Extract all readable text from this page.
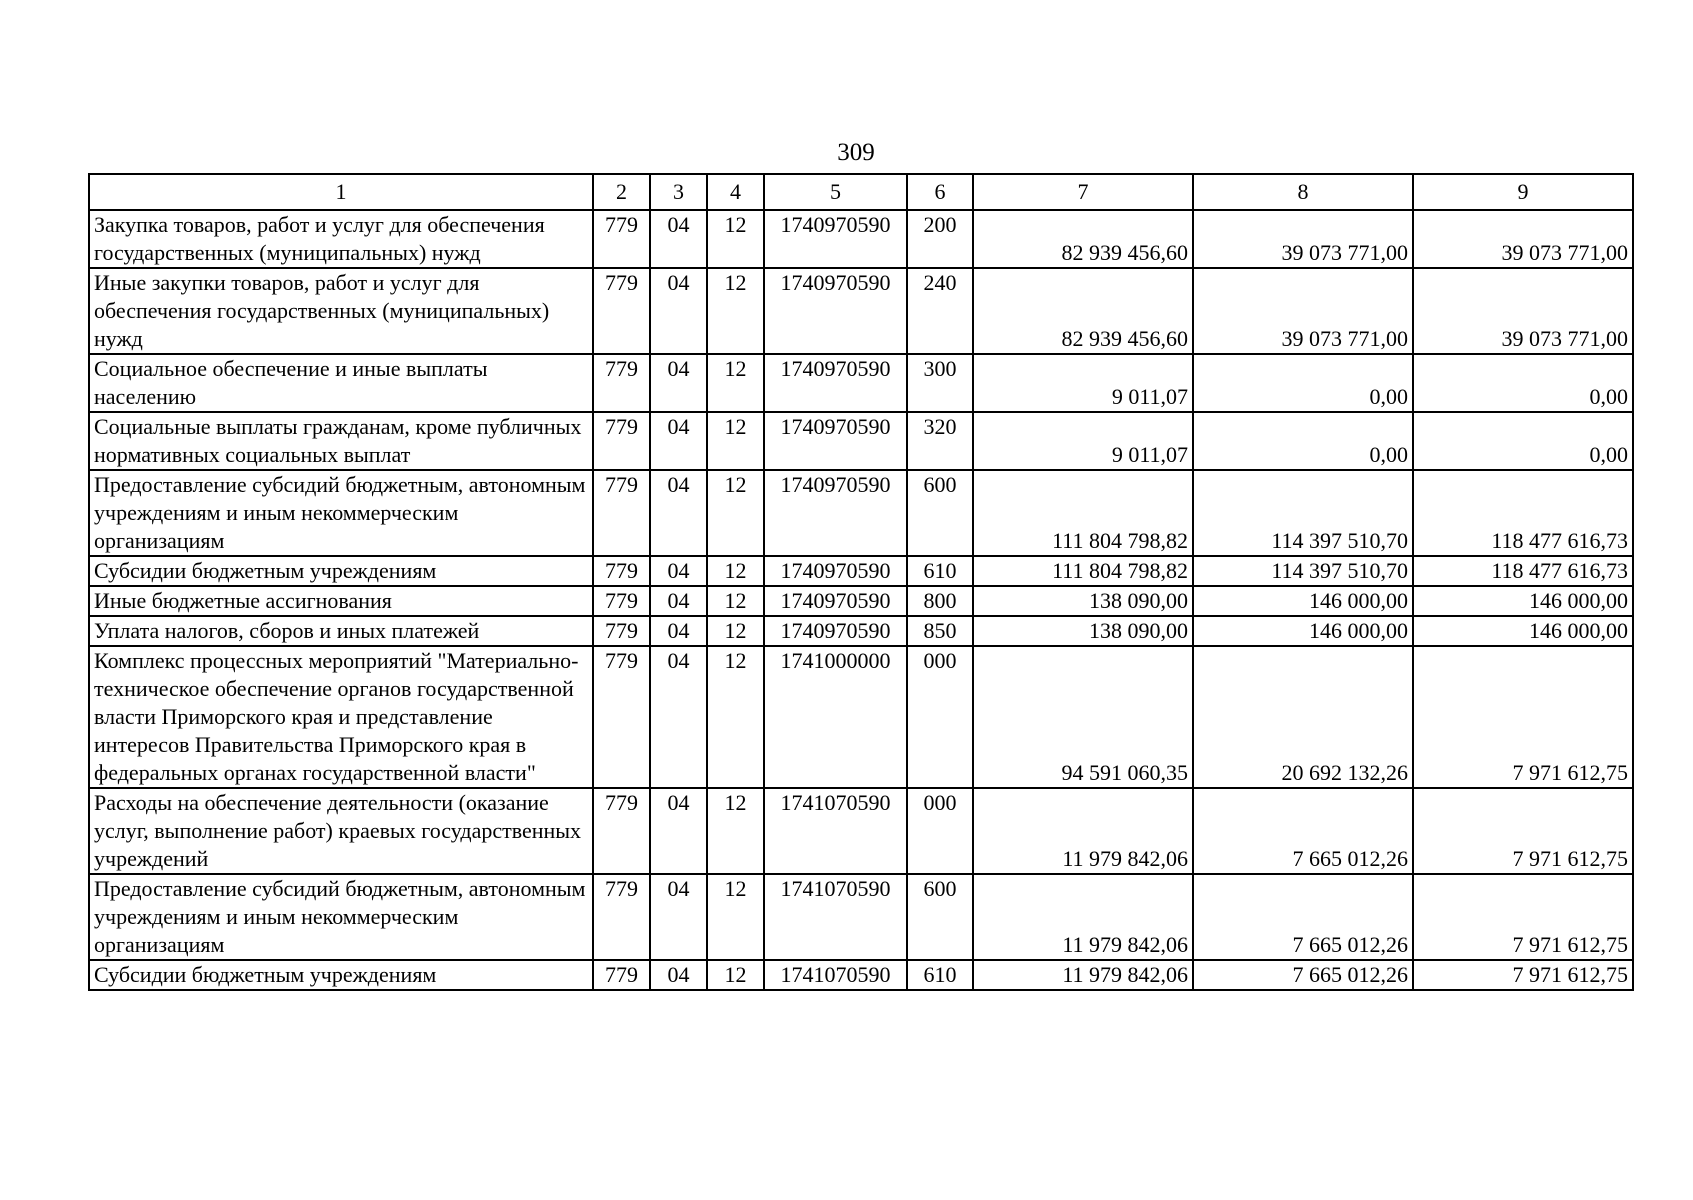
309
1	2	3	4	5	6	7	8	9
Закупка товаров, работ и услуг для обеспечения государственных (муниципальных) нужд	779	04	12	1740970590	200	82 939 456,60	39 073 771,00	39 073 771,00
Иные закупки товаров, работ и услуг для обеспечения государственных (муниципальных) нужд	779	04	12	1740970590	240	82 939 456,60	39 073 771,00	39 073 771,00
Социальное обеспечение и иные выплаты населению	779	04	12	1740970590	300	9 011,07	0,00	0,00
Социальные выплаты гражданам, кроме публичных нормативных социальных выплат	779	04	12	1740970590	320	9 011,07	0,00	0,00
Предоставление субсидий бюджетным, автономным учреждениям и иным некоммерческим организациям	779	04	12	1740970590	600	111 804 798,82	114 397 510,70	118 477 616,73
Субсидии бюджетным учреждениям	779	04	12	1740970590	610	111 804 798,82	114 397 510,70	118 477 616,73
Иные бюджетные ассигнования	779	04	12	1740970590	800	138 090,00	146 000,00	146 000,00
Уплата налогов, сборов и иных платежей	779	04	12	1740970590	850	138 090,00	146 000,00	146 000,00
Комплекс процессных мероприятий "Материально-техническое обеспечение органов государственной власти Приморского края и представление интересов Правительства Приморского края в федеральных органах государственной власти"	779	04	12	1741000000	000	94 591 060,35	20 692 132,26	7 971 612,75
Расходы на обеспечение деятельности (оказание услуг, выполнение работ) краевых государственных учреждений	779	04	12	1741070590	000	11 979 842,06	7 665 012,26	7 971 612,75
Предоставление субсидий бюджетным, автономным учреждениям и иным некоммерческим организациям	779	04	12	1741070590	600	11 979 842,06	7 665 012,26	7 971 612,75
Субсидии бюджетным учреждениям	779	04	12	1741070590	610	11 979 842,06	7 665 012,26	7 971 612,75
